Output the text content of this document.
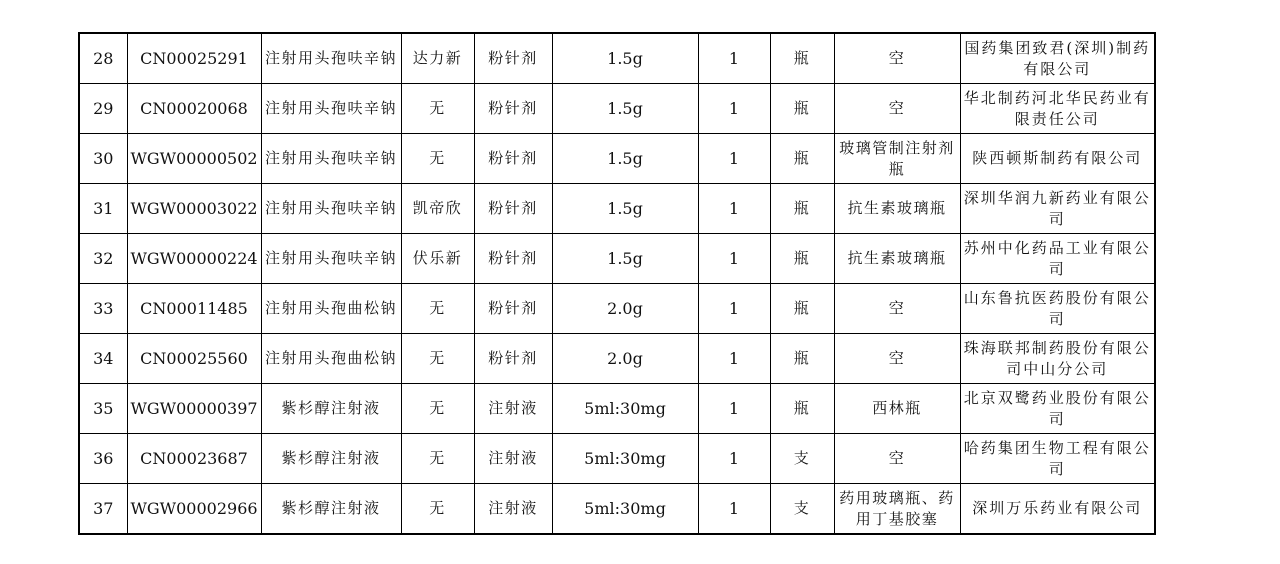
28	CN00025291	注射用头孢呋辛钠	达力新	粉针剂	1.5g	1	瓶	空	国药集团致君(深圳)制药有限公司
29	CN00020068	注射用头孢呋辛钠	无	粉针剂	1.5g	1	瓶	空	华北制药河北华民药业有限责任公司
30	WGW00000502	注射用头孢呋辛钠	无	粉针剂	1.5g	1	瓶	玻璃管制注射剂瓶	陕西顿斯制药有限公司
31	WGW00003022	注射用头孢呋辛钠	凯帝欣	粉针剂	1.5g	1	瓶	抗生素玻璃瓶	深圳华润九新药业有限公司
32	WGW00000224	注射用头孢呋辛钠	伏乐新	粉针剂	1.5g	1	瓶	抗生素玻璃瓶	苏州中化药品工业有限公司
33	CN00011485	注射用头孢曲松钠	无	粉针剂	2.0g	1	瓶	空	山东鲁抗医药股份有限公司
34	CN00025560	注射用头孢曲松钠	无	粉针剂	2.0g	1	瓶	空	珠海联邦制药股份有限公司中山分公司
35	WGW00000397	紫杉醇注射液	无	注射液	5ml:30mg	1	瓶	西林瓶	北京双鹭药业股份有限公司
36	CN00023687	紫杉醇注射液	无	注射液	5ml:30mg	1	支	空	哈药集团生物工程有限公司
37	WGW00002966	紫杉醇注射液	无	注射液	5ml:30mg	1	支	药用玻璃瓶、药用丁基胶塞	深圳万乐药业有限公司
